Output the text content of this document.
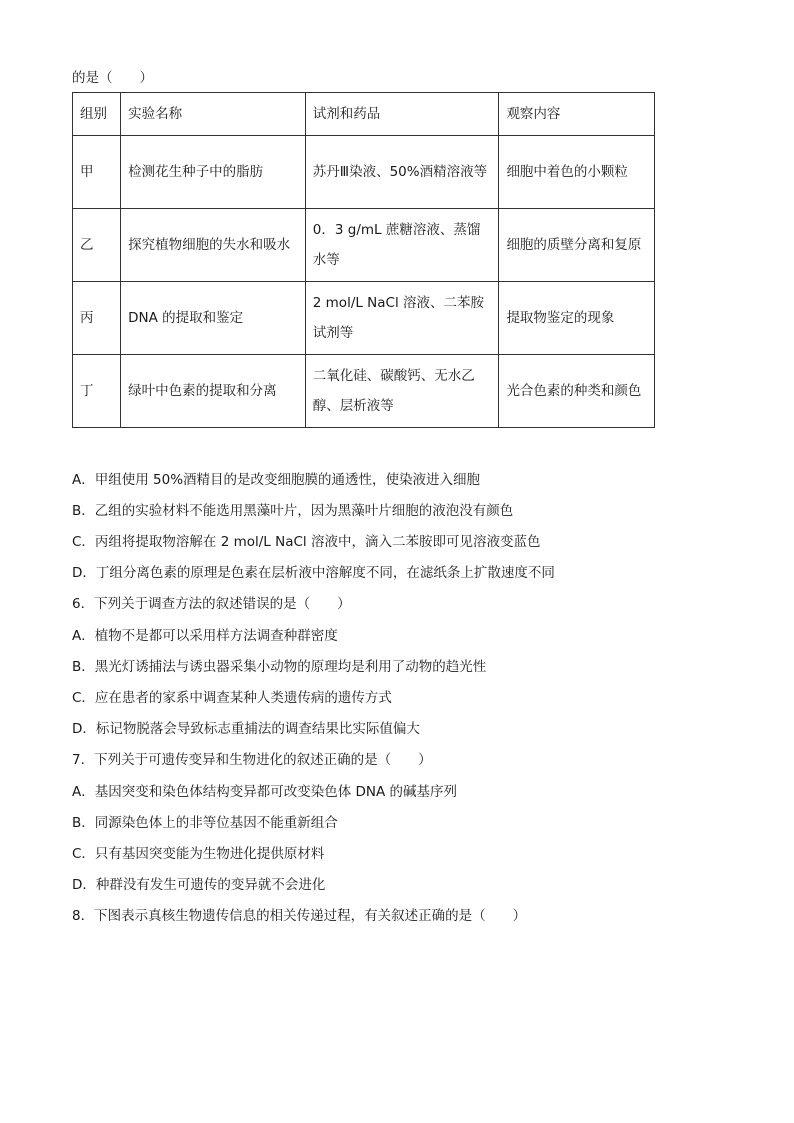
的是（　　）
组别	实验名称	试剂和药品	观察内容
甲	检测花生种子中的脂肪	苏丹Ⅲ染液、50%酒精溶液等	细胞中着色的小颗粒
乙	探究植物细胞的失水和吸水	0．3 g/mL 蔗糖溶液、蒸馏水等	细胞的质壁分离和复原
丙	DNA 的提取和鉴定	2 mol/L NaCl 溶液、二苯胺试剂等	提取物鉴定的现象
丁	绿叶中色素的提取和分离	二氧化硅、碳酸钙、无水乙醇、层析液等	光合色素的种类和颜色
A．甲组使用 50%酒精目的是改变细胞膜的通透性，使染液进入细胞
B．乙组的实验材料不能选用黑藻叶片，因为黑藻叶片细胞的液泡没有颜色
C．丙组将提取物溶解在 2 mol/L NaCl 溶液中，滴入二苯胺即可见溶液变蓝色
D．丁组分离色素的原理是色素在层析液中溶解度不同，在滤纸条上扩散速度不同
6．下列关于调查方法的叙述错误的是（　　）
A．植物不是都可以采用样方法调查种群密度
B．黑光灯诱捕法与诱虫器采集小动物的原理均是利用了动物的趋光性
C．应在患者的家系中调查某种人类遗传病的遗传方式
D．标记物脱落会导致标志重捕法的调查结果比实际值偏大
7．下列关于可遗传变异和生物进化的叙述正确的是（　　）
A．基因突变和染色体结构变异都可改变染色体 DNA 的碱基序列
B．同源染色体上的非等位基因不能重新组合
C．只有基因突变能为生物进化提供原材料
D．种群没有发生可遗传的变异就不会进化
8．下图表示真核生物遗传信息的相关传递过程，有关叙述正确的是（　　）
